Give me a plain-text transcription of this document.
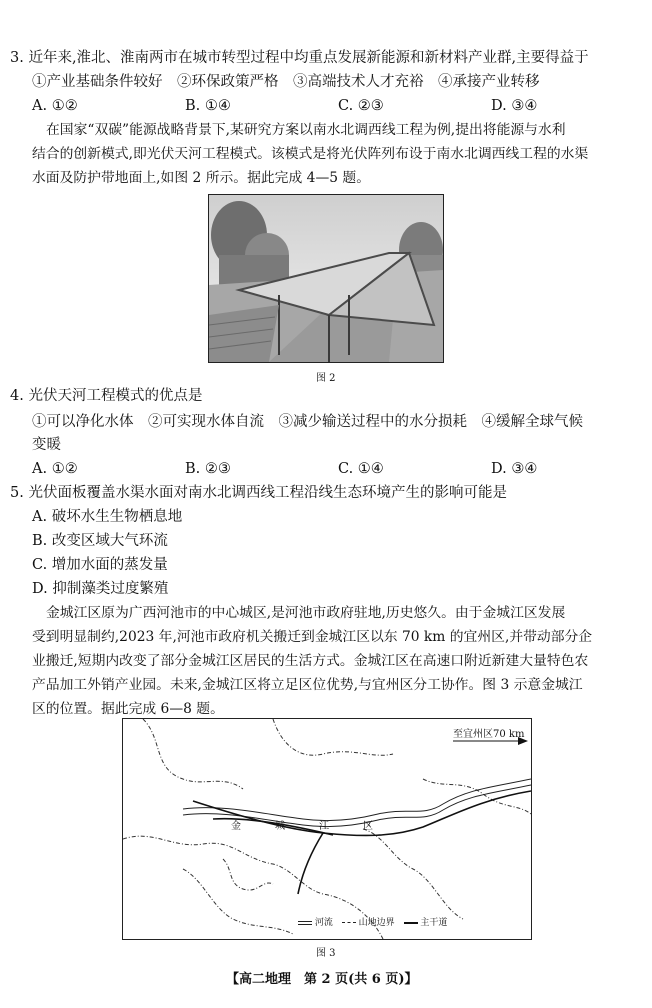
3. 近年来,淮北、淮南两市在城市转型过程中均重点发展新能源和新材料产业群,主要得益于
①产业基础条件较好　②环保政策严格　③高端技术人才充裕　④承接产业转移
A. ①②	B. ①④	C. ②③	D. ③④
在国家“双碳”能源战略背景下,某研究方案以南水北调西线工程为例,提出将能源与水利
结合的创新模式,即光伏天河工程模式。该模式是将光伏阵列布设于南水北调西线工程的水渠
水面及防护带地面上,如图 2 所示。据此完成 4—5 题。
图 2
4. 光伏天河工程模式的优点是
①可以净化水体　②可实现水体自流　③减少输送过程中的水分损耗　④缓解全球气候
变暖
A. ①②	B. ②③	C. ①④	D. ③④
5. 光伏面板覆盖水渠水面对南水北调西线工程沿线生态环境产生的影响可能是
A. 破坏水生生物栖息地
B. 改变区域大气环流
C. 增加水面的蒸发量
D. 抑制藻类过度繁殖
金城江区原为广西河池市的中心城区,是河池市政府驻地,历史悠久。由于金城江区发展
受到明显制约,2023 年,河池市政府机关搬迁到金城江区以东 70 km 的宜州区,并带动部分企
业搬迁,短期内改变了部分金城江区居民的生活方式。金城江区在高速口附近新建大量特色农
产品加工外销产业园。未来,金城江区将立足区位优势,与宜州区分工协作。图 3 示意金城江
区的位置。据此完成 6—8 题。
至宜州区70 km
金	城	江	区
河流	山地边界	主干道
图 3
【高二地理　第 2 页(共 6 页)】
